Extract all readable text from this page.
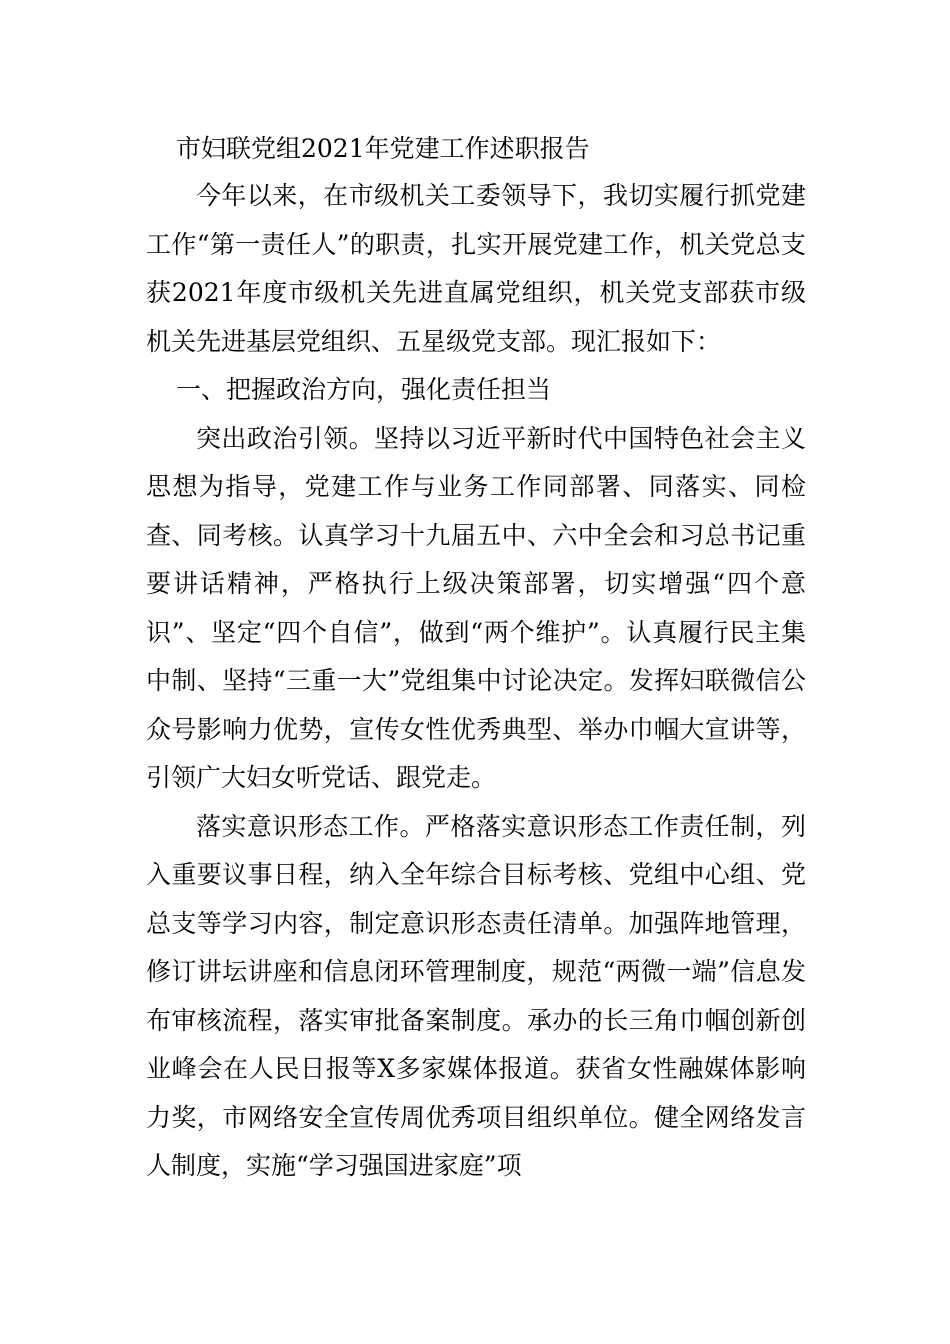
市妇联党组2021年党建工作述职报告

今年以来，在市级机关工委领导下，我切实履行抓党建工作“第一责任人”的职责，扎实开展党建工作，机关党总支获2021年度市级机关先进直属党组织，机关党支部获市级机关先进基层党组织、五星级党支部。现汇报如下：

一、把握政治方向，强化责任担当

突出政治引领。坚持以习近平新时代中国特色社会主义思想为指导，党建工作与业务工作同部署、同落实、同检查、同考核。认真学习十九届五中、六中全会和习总书记重要讲话精神，严格执行上级决策部署，切实增强“四个意识”、坚定“四个自信”，做到“两个维护”。认真履行民主集中制、坚持“三重一大”党组集中讨论决定。发挥妇联微信公众号影响力优势，宣传女性优秀典型、举办巾帼大宣讲等，引领广大妇女听党话、跟党走。

落实意识形态工作。严格落实意识形态工作责任制，列入重要议事日程，纳入全年综合目标考核、党组中心组、党总支等学习内容，制定意识形态责任清单。加强阵地管理，修订讲坛讲座和信息闭环管理制度，规范“两微一端”信息发布审核流程，落实审批备案制度。承办的长三角巾帼创新创业峰会在人民日报等X多家媒体报道。获省女性融媒体影响力奖，市网络安全宣传周优秀项目组织单位。健全网络发言人制度，实施“学习强国进家庭”项
